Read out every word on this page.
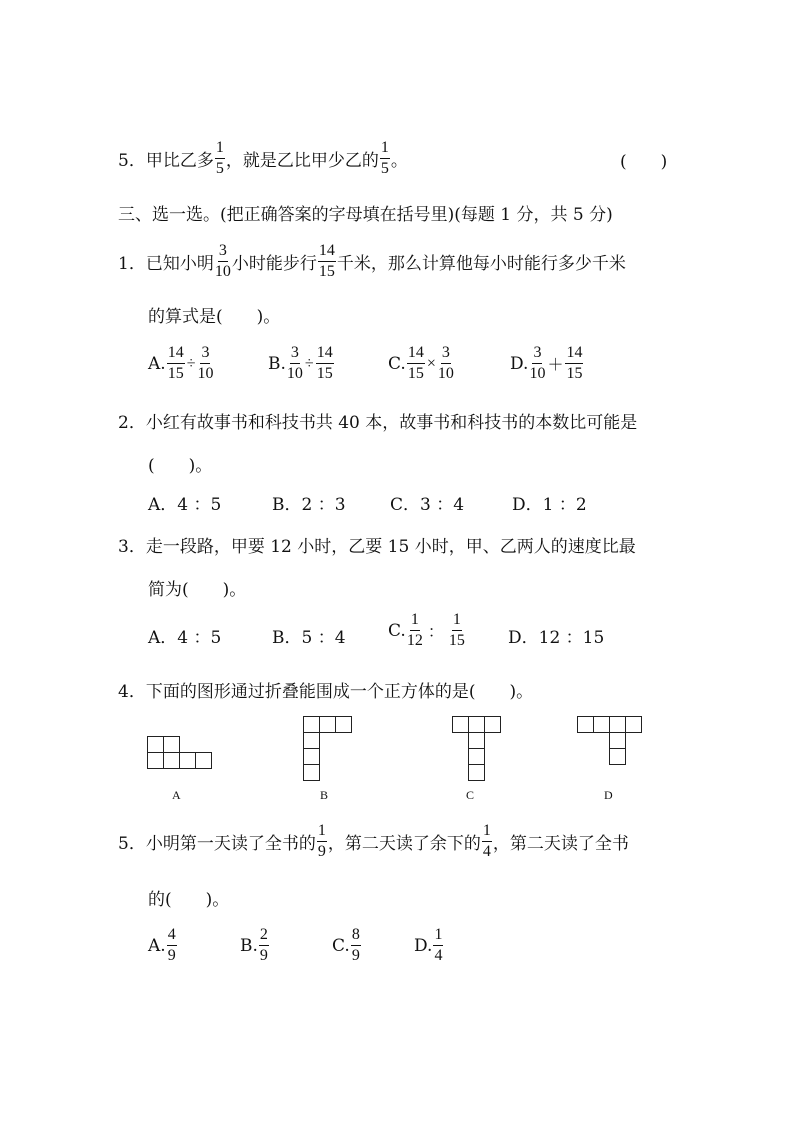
5． 甲比乙多 $\frac{1}{5}$ ，就是乙比甲少乙的 $\frac{1}{5}$ 。	(　　)
三、选一选。(把正确答案的字母填在括号里)(每题 1 分，共 5 分)
1． 已知小明 $\frac{3}{10}$ 小时能步行 $\frac{14}{15}$ 千米，那么计算他每小时能行多少千米
的算式是(　　)。
A. $\frac{14}{15} \div \frac{3}{10}$	B. $\frac{3}{10} \div \frac{14}{15}$	C. $\frac{14}{15} \times \frac{3}{10}$	D. $\frac{3}{10} + \frac{14}{15}$
2．小红有故事书和科技书共 40 本，故事书和科技书的本数比可能是
(　　)。
A．4 ：5	B．2 ：3	C．3 ：4	D．1 ：2
3．走一段路，甲要 12 小时，乙要 15 小时，甲、乙两人的速度比最
简为(　　)。
A．4 ：5	B．5 ：4 C. $\frac{1}{12}$ ： $\frac{1}{15}$	D．12 ：15
4．下面的图形通过折叠能围成一个正方体的是(　　)。
A	B	C	D
5． 小明第一天读了全书的 $\frac{1}{9}$ ，第二天读了余下的 $\frac{1}{4}$ ，第二天读了全书
的(　　)。
A. $\frac{4}{9}$	B. $\frac{2}{9}$	C. $\frac{8}{9}$	D. $\frac{1}{4}$
